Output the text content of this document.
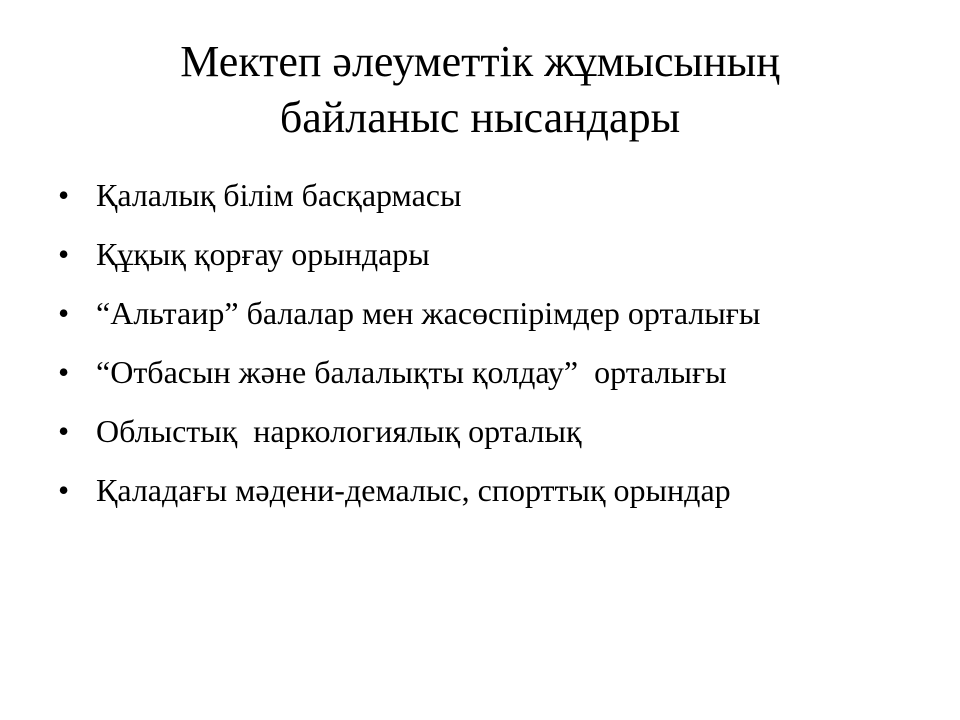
Мектеп әлеуметтік жұмысының
байланыс нысандары
• Қалалық білім басқармасы
• Құқық қорғау орындары
• “Альтаир” балалар мен жасөспірімдер орталығы
• “Отбасын және балалықты қолдау”  орталығы
• Облыстық  наркологиялық орталық
• Қаладағы мәдени-демалыс, спорттық орындар
